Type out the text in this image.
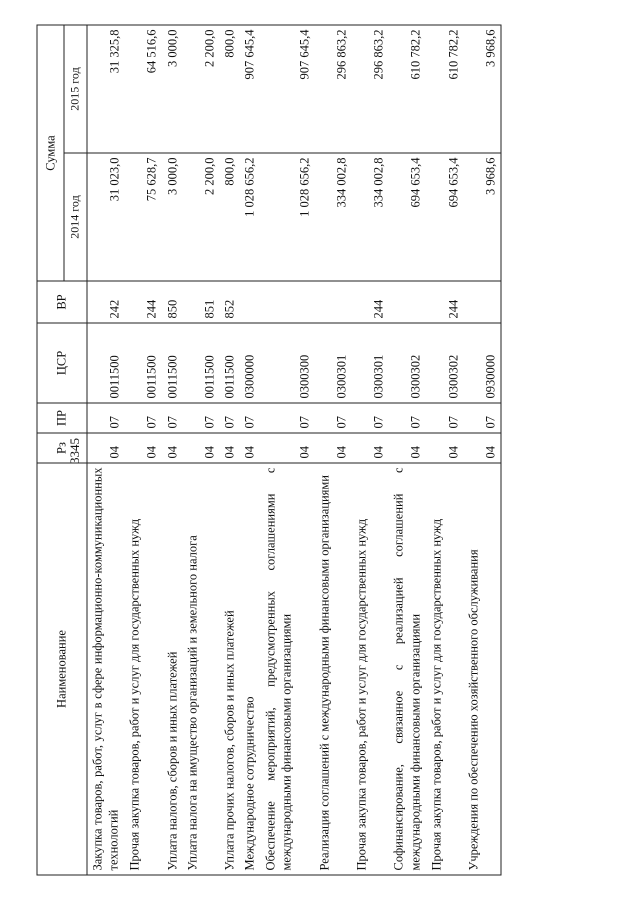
3345
Наименование	Рз	ПР	ЦСР	ВР	Сумма	
					2014 год	2015 год
Закупка товаров, работ, услуг в сфере информационно-коммуникационных технологий	04	07	0011500	242	31 023,0	31 325,8
Прочая закупка товаров, работ и услуг для государственных нужд	04	07	0011500	244	75 628,7	64 516,6
Уплата налогов, сборов и иных платежей	04	07	0011500	850	3 000,0	3 000,0
Уплата налога на имущество организаций и земельного налога	04	07	0011500	851	2 200,0	2 200,0
Уплата прочих налогов, сборов и иных платежей	04	07	0011500	852	800,0	800,0
Международное сотрудничество	04	07	0300000		1 028 656,2	907 645,4
Обеспечение мероприятий, предусмотренных соглашениями с международными финансовыми организациями	04	07	0300300		1 028 656,2	907 645,4
Реализация соглашений с международными финансовыми организациями	04	07	0300301		334 002,8	296 863,2
Прочая закупка товаров, работ и услуг для государственных нужд	04	07	0300301	244	334 002,8	296 863,2
Софинансирование, связанное с реализацией соглашений с международными финансовыми организациями	04	07	0300302		694 653,4	610 782,2
Прочая закупка товаров, работ и услуг для государственных нужд	04	07	0300302	244	694 653,4	610 782,2
Учреждения по обеспечению хозяйственного обслуживания	04	07	0930000		3 968,6	3 968,6
